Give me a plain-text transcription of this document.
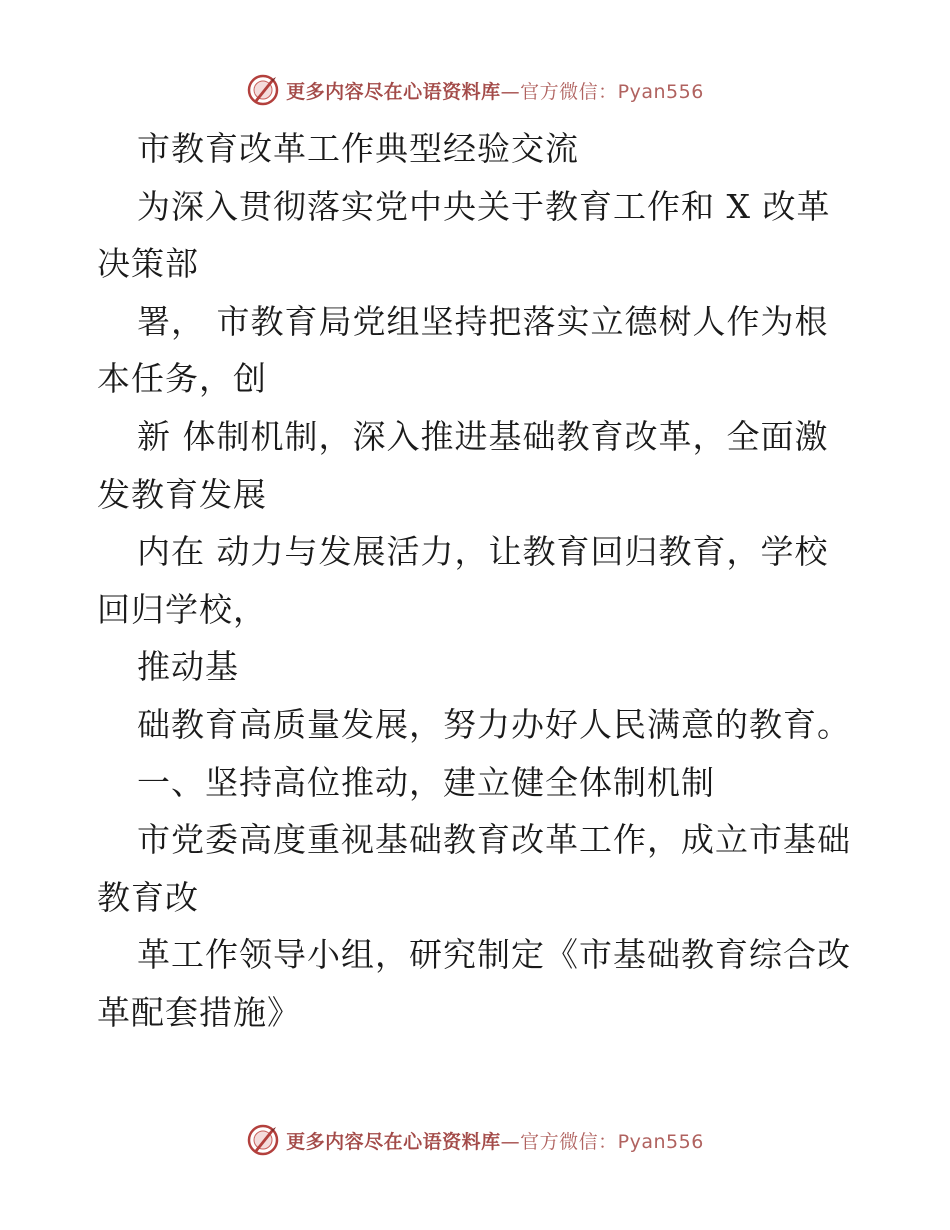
更多内容尽在心语资料库—官方微信：Pyan556
市教育改革工作典型经验交流
为深入贯彻落实党中央关于教育工作和 X 改革
决策部
署， 市教育局党组坚持把落实立德树人作为根
本任务，创
新 体制机制，深入推进基础教育改革，全面激
发教育发展
内在 动力与发展活力，让教育回归教育，学校
回归学校，
推动基
础教育高质量发展，努力办好人民满意的教育。
一、坚持高位推动，建立健全体制机制
市党委高度重视基础教育改革工作，成立市基础
教育改
革工作领导小组，研究制定《市基础教育综合改
革配套措施》
更多内容尽在心语资料库—官方微信：Pyan556
